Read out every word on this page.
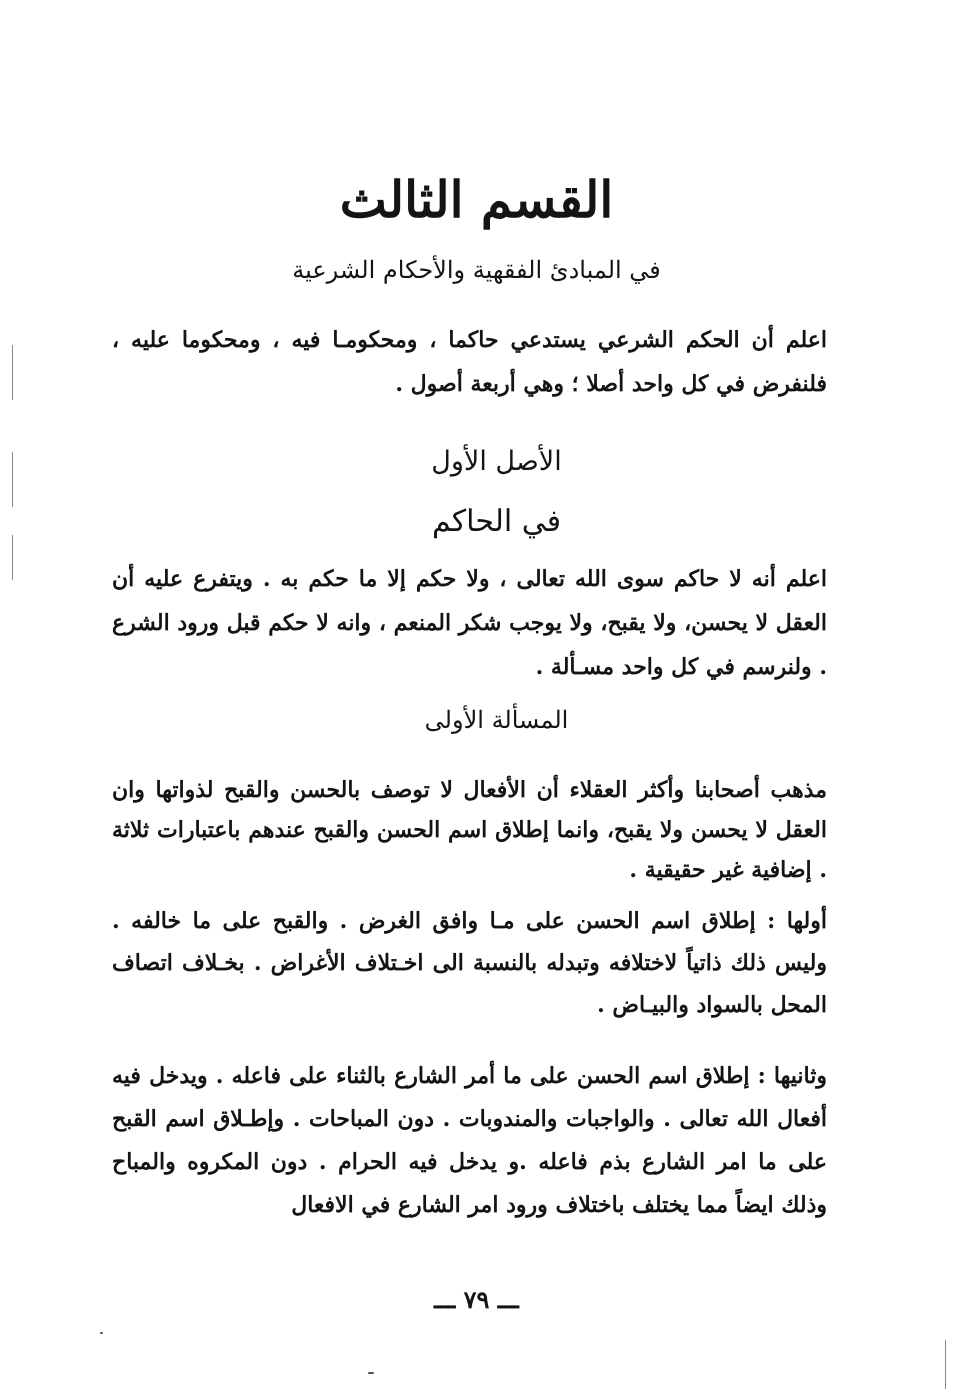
القسم الثالث
في المبادئ الفقهية والأحكام الشرعية
اعلم أن الحكم الشرعي يستدعي حاكما ، ومحكومـا فيه ، ومحكوما عليه ، فلنفرض في كل واحد أصلا ؛ وهي أربعة أصول .
الأصل الأول
في الحاكم
اعلم أنه لا حاكم سوى الله تعالى ، ولا حكم إلا ما حكم به . ويتفرع عليه أن العقل لا يحسن، ولا يقبح، ولا يوجب شكر المنعم ، وانه لا حكم قبل ورود الشرع . ولنرسم في كل واحد مسـألة .
المسألة الأولى
مذهب أصحابنا وأكثر العقلاء أن الأفعال لا توصف بالحسن والقبح لذواتها وان العقل لا يحسن ولا يقبح، وانما إطلاق اسم الحسن والقبح عندهم باعتبارات ثلاثة . إضافية غير حقيقية .
أولها : إطلاق اسم الحسن على مـا وافق الغرض . والقبح على ما خالفه . وليس ذلك ذاتياً لاختلافه وتبدله بالنسبة الى اخـتلاف الأغراض . بخـلاف اتصاف المحل بالسواد والبيـاض .
وثانيها : إطلاق اسم الحسن على ما أمر الشارع بالثناء على فاعله . ويدخل فيه أفعال الله تعالى . والواجبات والمندوبات . دون المباحات . وإطـلاق اسم القبح على ما امر الشارع بذم فاعله .و يدخل فيه الحرام . دون المكروه والمباح وذلك ايضاً مما يختلف باختلاف ورود امر الشارع في الافعال
ـــ ٧٩ ـــ
